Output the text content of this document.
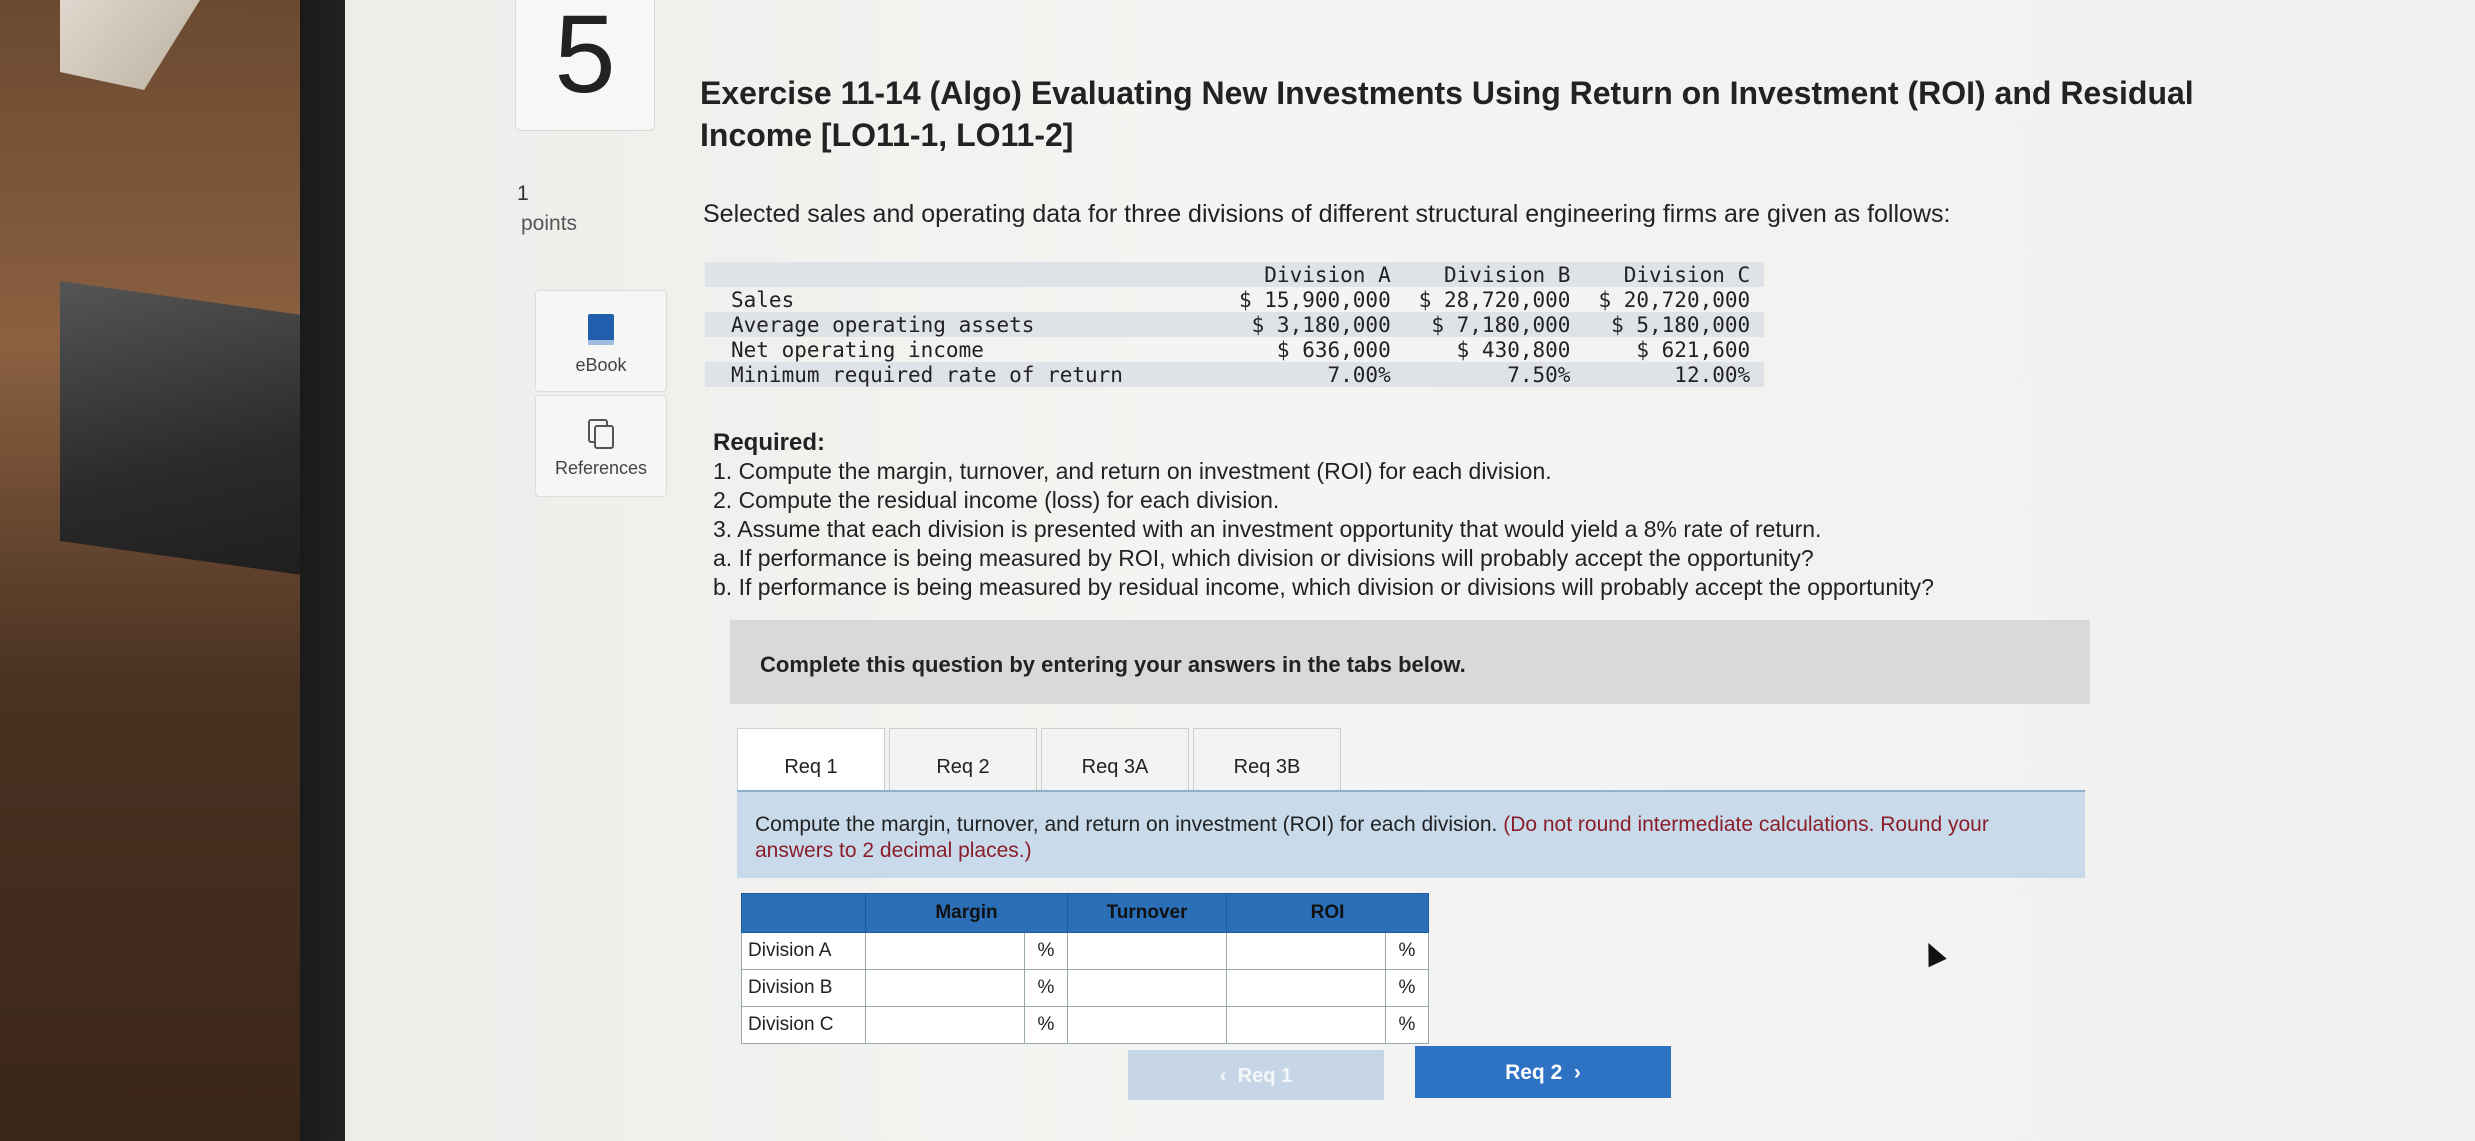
5
1
points
eBook
References
Exercise 11-14 (Algo) Evaluating New Investments Using Return on Investment (ROI) and Residual Income [LO11-1, LO11-2]
Selected sales and operating data for three divisions of different structural engineering firms are given as follows:
	Division A	Division B	Division C
Sales	$ 15,900,000	$ 28,720,000	$ 20,720,000
Average operating assets	$ 3,180,000	$ 7,180,000	$ 5,180,000
Net operating income	$ 636,000	$ 430,800	$ 621,600
Minimum required rate of return	7.00%	7.50%	12.00%
Required:
1. Compute the margin, turnover, and return on investment (ROI) for each division.
2. Compute the residual income (loss) for each division.
3. Assume that each division is presented with an investment opportunity that would yield a 8% rate of return.
a. If performance is being measured by ROI, which division or divisions will probably accept the opportunity?
b. If performance is being measured by residual income, which division or divisions will probably accept the opportunity?
Complete this question by entering your answers in the tabs below.
Req 1	Req 2	Req 3A	Req 3B
Compute the margin, turnover, and return on investment (ROI) for each division. (Do not round intermediate calculations. Round your answers to 2 decimal places.)
	Margin		Turnover	ROI	
Division A		%			%
Division B		%			%
Division C		%			%
‹  Req 1	Req 2  ›
